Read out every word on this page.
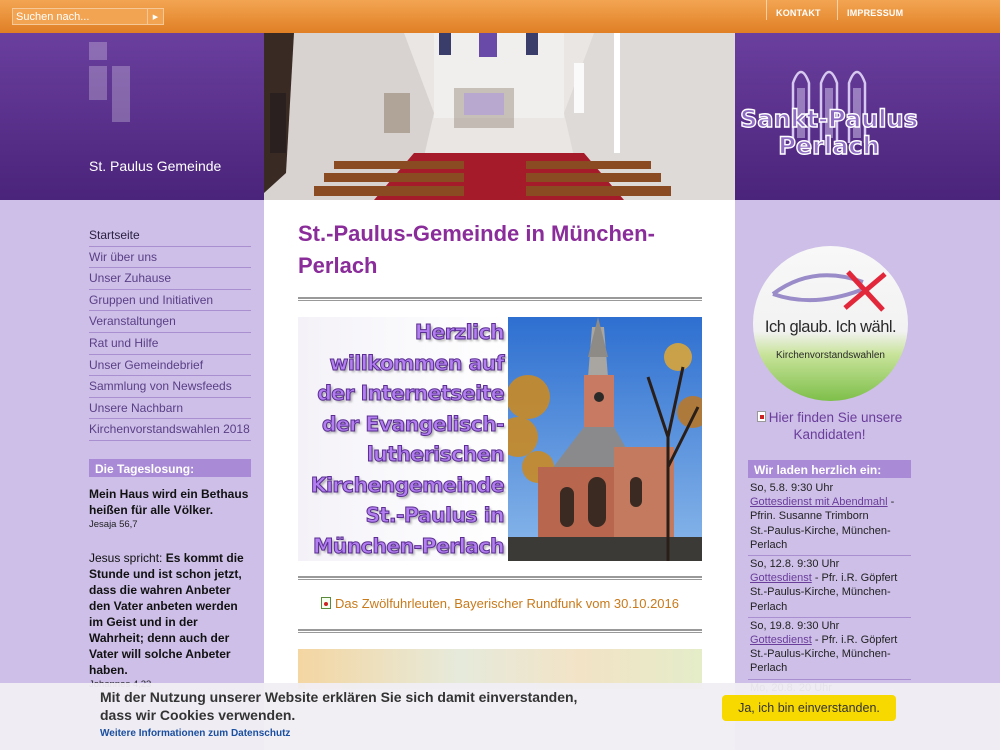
Suchen nach...
▶	KONTAKT	IMPRESSUM
St. Paulus Gemeinde
Sankt-Paulus
Perlach
Startseite
Wir über uns
Unser Zuhause
Gruppen und Initiativen
Veranstaltungen
Rat und Hilfe
Unser Gemeindebrief
Sammlung von Newsfeeds
Unsere Nachbarn
Kirchenvorstandswahlen 2018
Die Tageslosung:
Mein Haus wird ein Bethaus heißen für alle Völker.
Jesaja 56,7
Jesus spricht: Es kommt die Stunde und ist schon jetzt, dass die wahren Anbeter den Vater anbeten werden im Geist und in der Wahrheit; denn auch der Vater will solche Anbeter haben.
St.-Paulus-Gemeinde in München-Perlach

Herzlich
willkommen auf
der Internetseite
der Evangelisch-
lutherischen
Kirchengemeinde
St.-Paulus in
München-Perlach

Das Zwölfuhrleuten, Bayerischer Rundfunk vom 30.10.2016
Ich glaub. Ich wähl.
Kirchenvorstandswahlen
Hier finden Sie unsere Kandidaten!
Wir laden herzlich ein:
So, 5.8. 9:30 Uhr
Gottesdienst mit Abendmahl - Pfrin. Susanne Trimborn
St.-Paulus-Kirche, München-Perlach
So, 12.8. 9:30 Uhr
Gottesdienst - Pfr. i.R. Göpfert
St.-Paulus-Kirche, München-Perlach
So, 19.8. 9:30 Uhr
Gottesdienst - Pfr. i.R. Göpfert
St.-Paulus-Kirche, München-Perlach
Mit der Nutzung unserer Website erklären Sie sich damit einverstanden, dass wir Cookies verwenden.
Weitere Informationen zum Datenschutz
Ja, ich bin einverstanden.
